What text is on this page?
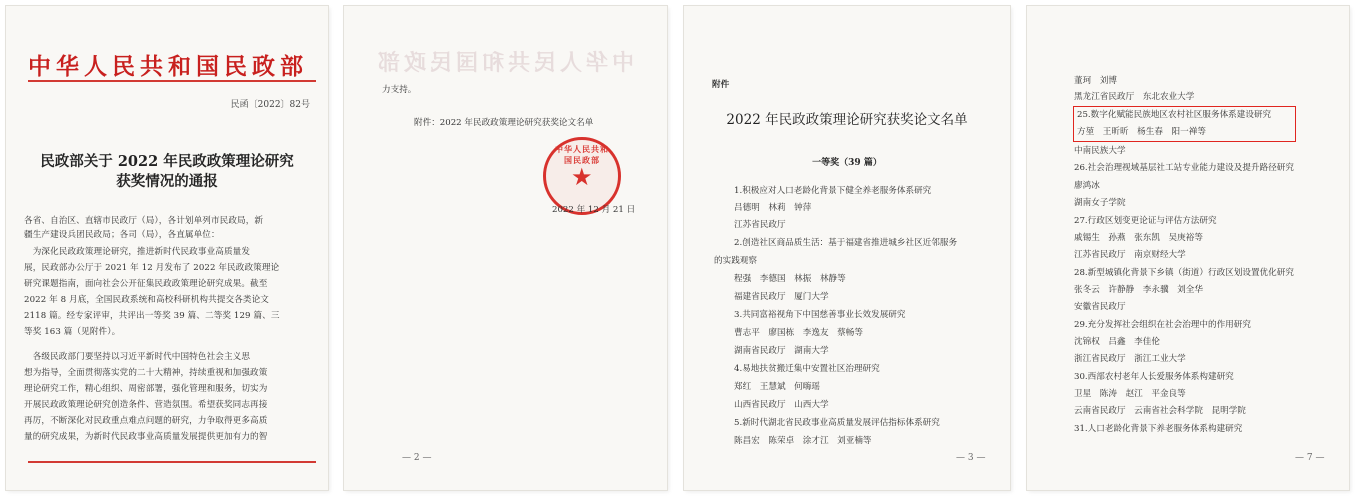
中华人民共和国民政部
民函〔2022〕82号
民政部关于 2022 年民政政策理论研究
获奖情况的通报
各省、自治区、直辖市民政厅（局），各计划单列市民政局，新
疆生产建设兵团民政局；各司（局），各直属单位：
　为深化民政政策理论研究，推进新时代民政事业高质量发
展，民政部办公厅于 2021 年 12 月发布了 2022 年民政政策理论
研究课题指南，面向社会公开征集民政政策理论研究成果。截至
2022 年 8 月底，全国民政系统和高校科研机构共提交各类论文
2118 篇。经专家评审，共评出一等奖 39 篇、二等奖 129 篇、三
等奖 163 篇（见附件）。
　各级民政部门要坚持以习近平新时代中国特色社会主义思
想为指导，全面贯彻落实党的二十大精神，持续重视和加强政策
理论研究工作，精心组织、周密部署，强化管理和服务，切实为
开展民政政策理论研究创造条件、营造氛围。希望获奖同志再接
再厉，不断深化对民政重点难点问题的研究，力争取得更多高质
量的研究成果，为新时代民政事业高质量发展提供更加有力的智
中华人民共和国民政部
力支持。
附件：2022 年民政政策理论研究获奖论文名单
中华人民共和国民政部
★
2022 年 12 月 21 日
— 2 —
附件
2022 年民政政策理论研究获奖论文名单
一等奖（39 篇）
1.积极应对人口老龄化背景下健全养老服务体系研究
吕德明　林莉　钟萍
江苏省民政厅
2.创造社区商品质生活：基于福建省推进城乡社区近邻服务
的实践观察
程强　李德国　林振　林静等
福建省民政厅　厦门大学
3.共同富裕视角下中国慈善事业长效发展研究
曹志平　廖国栋　李逸友　蔡畅等
湖南省民政厅　湖南大学
4.易地扶贫搬迁集中安置社区治理研究
郑红　王慧斌　何嗨瑶
山西省民政厅　山西大学
5.新时代湖北省民政事业高质量发展评估指标体系研究
陈昌宏　陈荣卓　涂才江　刘亚楠等
— 3 —
董珂　刘博
黑龙江省民政厅　东北农业大学
25.数字化赋能民族地区农村社区服务体系建设研究
方堃　王昕昕　杨生春　阳一禅等
中南民族大学
26.社会治理视域基层社工站专业能力建设及提升路径研究
廖鸿冰
湖南女子学院
27.行政区划变更论证与评估方法研究
戚锡生　孙燕　张东凯　吴庚裕等
江苏省民政厅　南京财经大学
28.新型城镇化背景下乡镇（街道）行政区划设置优化研究
张冬云　许静静　李永骥　刘全华
安徽省民政厅
29.充分发挥社会组织在社会治理中的作用研究
沈锦权　吕鑫　李佳伦
浙江省民政厅　浙江工业大学
30.西部农村老年人长爱服务体系构建研究
卫星　陈涛　赵江　平金良等
云南省民政厅　云南省社会科学院　昆明学院
31.人口老龄化背景下养老服务体系构建研究
— 7 —
